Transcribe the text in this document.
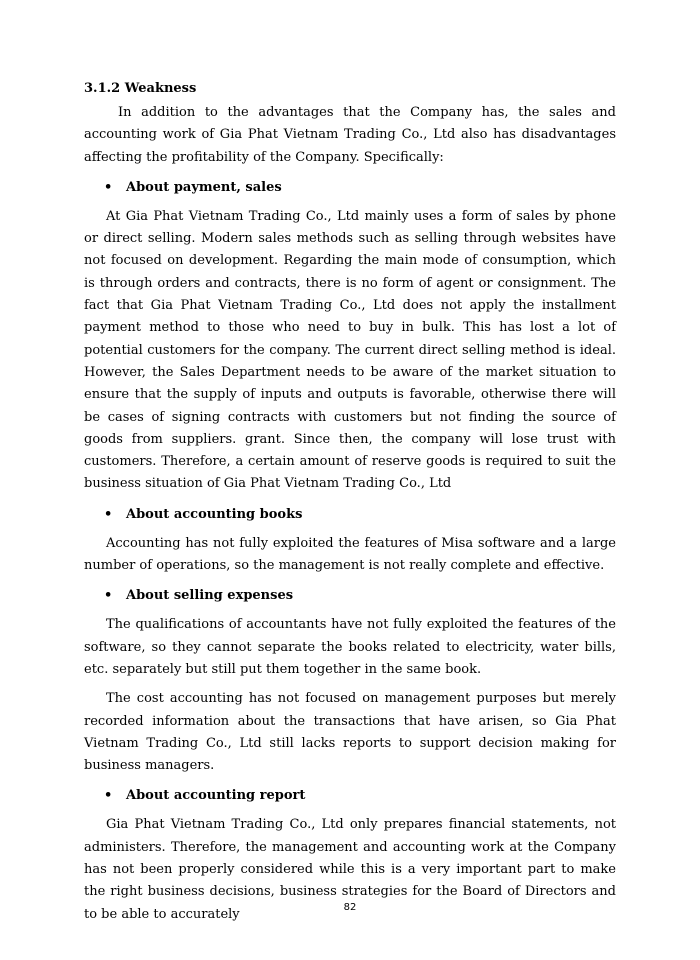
3.1.2 Weakness

In addition to the advantages that the Company has, the sales and accounting work of Gia Phat Vietnam Trading Co., Ltd also has disadvantages affecting the profitability of the Company. Specifically:

•	About payment, sales

At Gia Phat Vietnam Trading Co., Ltd mainly uses a form of sales by phone or direct selling. Modern sales methods such as selling through websites have not focused on development. Regarding the main mode of consumption, which is through orders and contracts, there is no form of agent or consignment. The fact that Gia Phat Vietnam Trading Co., Ltd does not apply the installment payment method to those who need to buy in bulk. This has lost a lot of potential customers for the company. The current direct selling method is ideal. However, the Sales Department needs to be aware of the market situation to ensure that the supply of inputs and outputs is favorable, otherwise there will be cases of signing contracts with customers but not finding the source of goods from suppliers. grant. Since then, the company will lose trust with customers. Therefore, a certain amount of reserve goods is required to suit the business situation of Gia Phat Vietnam Trading Co., Ltd

•	About accounting books

Accounting has not fully exploited the features of Misa software and a large number of operations, so the management is not really complete and effective.

•	About selling expenses

The qualifications of accountants have not fully exploited the features of the software, so they cannot separate the books related to electricity, water bills, etc. separately but still put them together in the same book.

The cost accounting has not focused on management purposes but merely recorded information about the transactions that have arisen, so Gia Phat Vietnam Trading Co., Ltd still lacks reports to support decision making for business managers.

•	About accounting report

Gia Phat Vietnam Trading Co., Ltd only prepares financial statements, not administers. Therefore, the management and accounting work at the Company has not been properly considered while this is a very important part to make the right business decisions, business strategies for the Board of Directors and to be able to accurately	82
